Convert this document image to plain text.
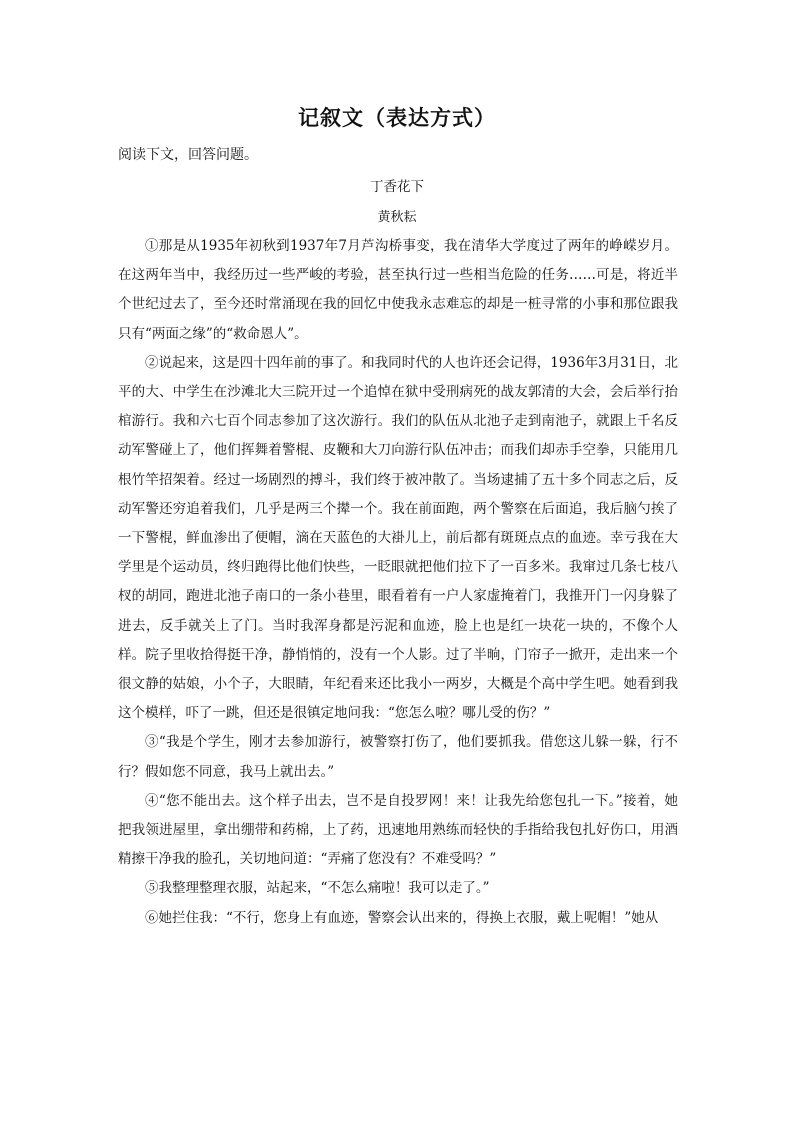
记叙文（表达方式）
阅读下文，回答问题。
丁香花下
黄秋耘

①那是从1935年初秋到1937年7月芦沟桥事变，我在清华大学度过了两年的峥嵘岁月。在这两年当中，我经历过一些严峻的考验，甚至执行过一些相当危险的任务……可是，将近半个世纪过去了，至今还时常涌现在我的回忆中使我永志难忘的却是一桩寻常的小事和那位跟我只有“两面之缘”的“救命恩人”。

②说起来，这是四十四年前的事了。和我同时代的人也许还会记得，1936年3月31日，北平的大、中学生在沙滩北大三院开过一个追悼在狱中受刑病死的战友郭清的大会，会后举行抬棺游行。我和六七百个同志参加了这次游行。我们的队伍从北池子走到南池子，就跟上千名反动军警碰上了，他们挥舞着警棍、皮鞭和大刀向游行队伍冲击；而我们却赤手空拳，只能用几根竹竿招架着。经过一场剧烈的搏斗，我们终于被冲散了。当场逮捕了五十多个同志之后，反动军警还穷追着我们，几乎是两三个撵一个。我在前面跑，两个警察在后面追，我后脑勺挨了一下警棍，鲜血渗出了便帽，滴在天蓝色的大褂儿上，前后都有斑斑点点的血迹。幸亏我在大学里是个运动员，终归跑得比他们快些，一眨眼就把他们拉下了一百多米。我窜过几条七枝八杈的胡同，跑进北池子南口的一条小巷里，眼看着有一户人家虚掩着门，我推开门一闪身躲了进去，反手就关上了门。当时我浑身都是污泥和血迹，脸上也是红一块花一块的，不像个人样。院子里收拾得挺干净，静悄悄的，没有一个人影。过了半晌，门帘子一掀开，走出来一个很文静的姑娘，小个子，大眼睛，年纪看来还比我小一两岁，大概是个高中学生吧。她看到我这个模样，吓了一跳，但还是很镇定地问我：“您怎么啦？哪儿受的伤？”

③“我是个学生，刚才去参加游行，被警察打伤了，他们要抓我。借您这儿躲一躲，行不行？假如您不同意，我马上就出去。”

④“您不能出去。这个样子出去，岂不是自投罗网！来！让我先给您包扎一下。”接着，她把我领进屋里，拿出绷带和药棉，上了药，迅速地用熟练而轻快的手指给我包扎好伤口，用酒精擦干净我的脸孔，关切地问道：“弄痛了您没有？不难受吗？”

⑤我整理整理衣服，站起来，“不怎么痛啦！我可以走了。”

⑥她拦住我：“不行，您身上有血迹，警察会认出来的，得换上衣服，戴上呢帽！”她从
